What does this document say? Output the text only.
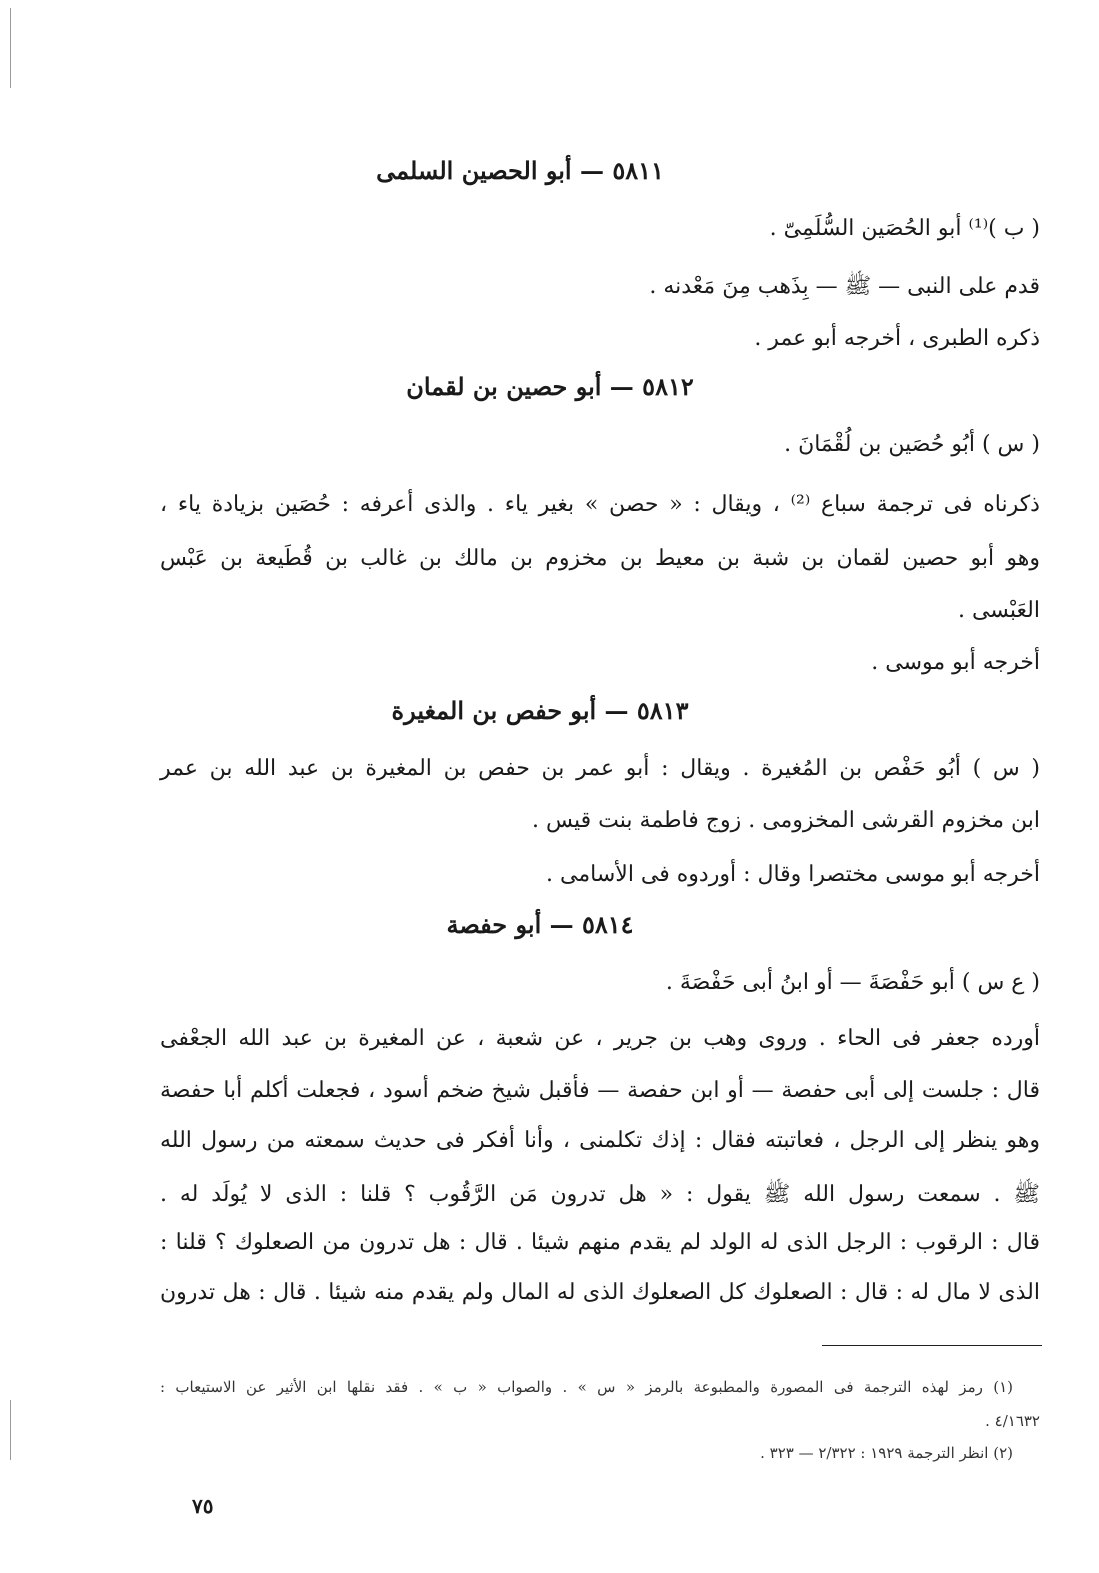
٥٨١١ — أبو الحصين السلمى
( ب )⁽¹⁾ أبو الحُصَين السُّلَمِىّ .
قدم على النبى — ﷺ — بِذَهب مِنَ مَعْدنه .
ذكره الطبرى ، أخرجه أبو عمر .
٥٨١٢ — أبو حصين بن لقمان
( س ) أبُو حُصَين بن لُقْمَانَ .
ذكرناه فى ترجمة سباع ⁽²⁾ ، ويقال : « حصن » بغير ياء . والذى أعرفه : حُصَين بزيادة ياء ،
وهو أبو حصين لقمان بن شبة بن معيط بن مخزوم بن مالك بن غالب بن قُطَيعة بن عَبْس
العَبْسى .
أخرجه أبو موسى .
٥٨١٣ — أبو حفص بن المغيرة
( س ) أبُو حَفْص بن المُغيرة . ويقال : أبو عمر بن حفص بن المغيرة بن عبد الله بن عمر
ابن مخزوم القرشى المخزومى . زوج فاطمة بنت قيس .
أخرجه أبو موسى مختصرا وقال : أوردوه فى الأسامى .
٥٨١٤ — أبو حفصة
( ع س ) أبو حَفْصَةَ — أو ابنُ أبى حَفْصَةَ .
أورده جعفر فى الحاء . وروى وهب بن جرير ، عن شعبة ، عن المغيرة بن عبد الله الجعْفى
قال : جلست إلى أبى حفصة — أو ابن حفصة — فأقبل شيخ ضخم أسود ، فجعلت أكلم أبا حفصة
وهو ينظر إلى الرجل ، فعاتبته فقال : إذك تكلمنى ، وأنا أفكر فى حديث سمعته من رسول الله
ﷺ . سمعت رسول الله ﷺ يقول : « هل تدرون مَن الرَّقُوب ؟ قلنا : الذى لا يُولَد له .
قال : الرقوب : الرجل الذى له الولد لم يقدم منهم شيئا . قال : هل تدرون من الصعلوك ؟ قلنا :
الذى لا مال له : قال : الصعلوك كل الصعلوك الذى له المال ولم يقدم منه شيئا . قال : هل تدرون
(١) رمز لهذه الترجمة فى المصورة والمطبوعة بالرمز « س » . والصواب « ب » . فقد نقلها ابن الأثير عن الاستيعاب :
٤/١٦٣٢ .
(٢) انظر الترجمة ١٩٢٩ : ٢/٣٢٢ — ٣٢٣ .
٧٥
